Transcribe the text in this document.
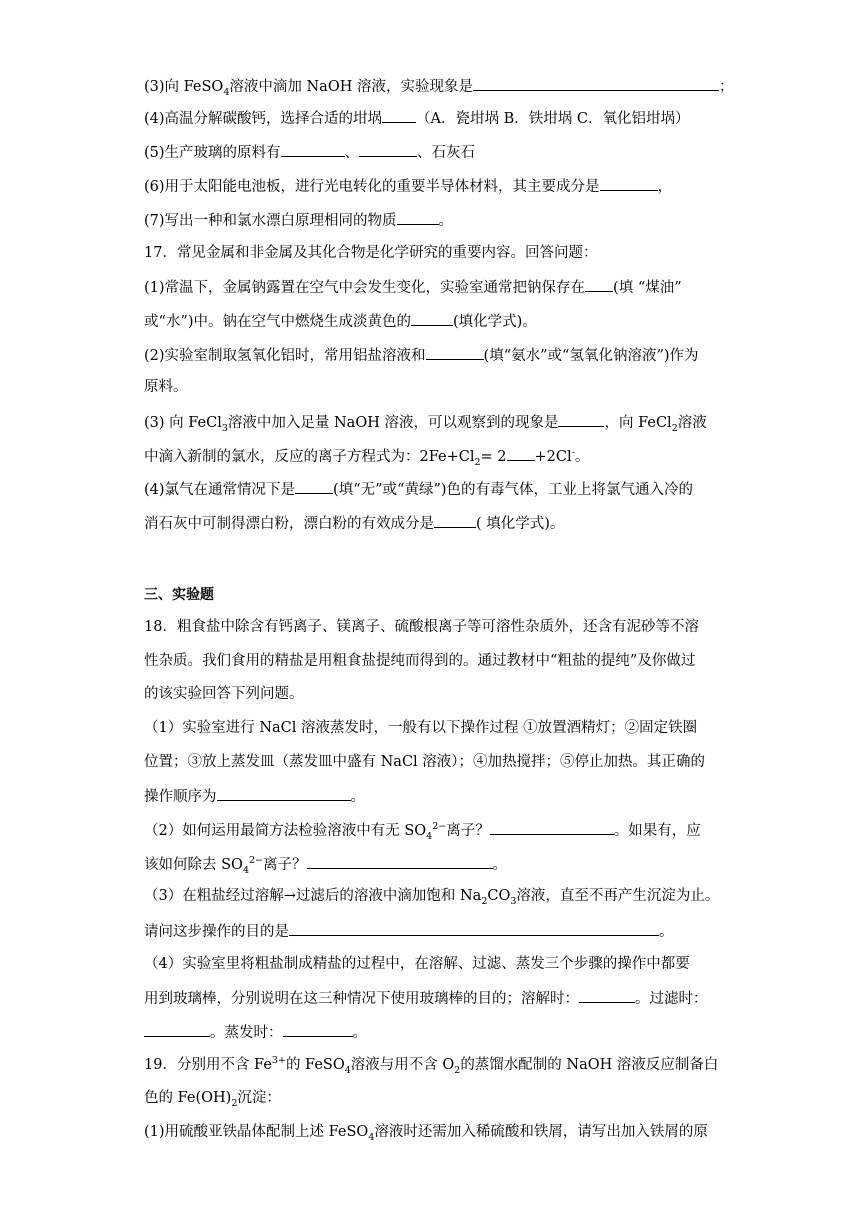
(3)向 FeSO$_4$溶液中滴加 NaOH 溶液，实验现象是	；
(4)高温分解碳酸钙，选择合适的坩埚 （A．瓷坩埚 B．铁坩埚 C．氧化铝坩埚）
(5)生产玻璃的原料有	、	、石灰石
(6)用于太阳能电池板，进行光电转化的重要半导体材料，其主要成分是	，
(7)写出一种和氯水漂白原理相同的物质	。
17．常见金属和非金属及其化合物是化学研究的重要内容。回答问题：
(1)常温下，金属钠露置在空气中会发生变化，实验室通常把钠保存在 (填 “煤油”
或“水”)中。钠在空气中燃烧生成淡黄色的	(填化学式)。
(2)实验室制取氢氧化铝时，常用铝盐溶液和	(填“氨水”或“氢氧化钠溶液”)作为
原料。
(3) 向 FeCl$_3$溶液中加入足量 NaOH 溶液，可以观察到的现象是	，向 FeCl$_2$溶液
中滴入新制的氯水，反应的离子方程式为：$2Fe+Cl_2= 2 +2Cl^-$。
(4)氯气在通常情况下是	(填“无”或“黄绿”)色的有毒气体，工业上将氯气通入冷的
消石灰中可制得漂白粉，漂白粉的有效成分是	( 填化学式)。
三、实验题
18．粗食盐中除含有钙离子、镁离子、硫酸根离子等可溶性杂质外，还含有泥砂等不溶
性杂质。我们食用的精盐是用粗食盐提纯而得到的。通过教材中“粗盐的提纯”及你做过
的该实验回答下列问题。
（1）实验室进行 NaCl 溶液蒸发时，一般有以下操作过程 ①放置酒精灯；②固定铁圈
位置；③放上蒸发皿（蒸发皿中盛有 NaCl 溶液）；④加热搅拌；⑤停止加热。其正确的
操作顺序为	。
（2）如何运用最简方法检验溶液中有无 $SO_4^{2-}$离子？	。如果有，应
该如何除去 $SO_4^{2-}$离子？	。
（3）在粗盐经过溶解→过滤后的溶液中滴加饱和 $Na_2CO_3$溶液，直至不再产生沉淀为止。
请问这步操作的目的是	。
（4）实验室里将粗盐制成精盐的过程中，在溶解、过滤、蒸发三个步骤的操作中都要
用到玻璃棒，分别说明在这三种情况下使用玻璃棒的目的；溶解时：	。过滤时：
。蒸发时：	。
19．分别用不含 $Fe^{3+}$的 FeSO$_4$溶液与用不含 $O_2$的蒸馏水配制的 NaOH 溶液反应制备白
色的 $Fe(OH)_2$沉淀：
(1)用硫酸亚铁晶体配制上述 FeSO$_4$溶液时还需加入稀硫酸和铁屑，请写出加入铁屑的原
